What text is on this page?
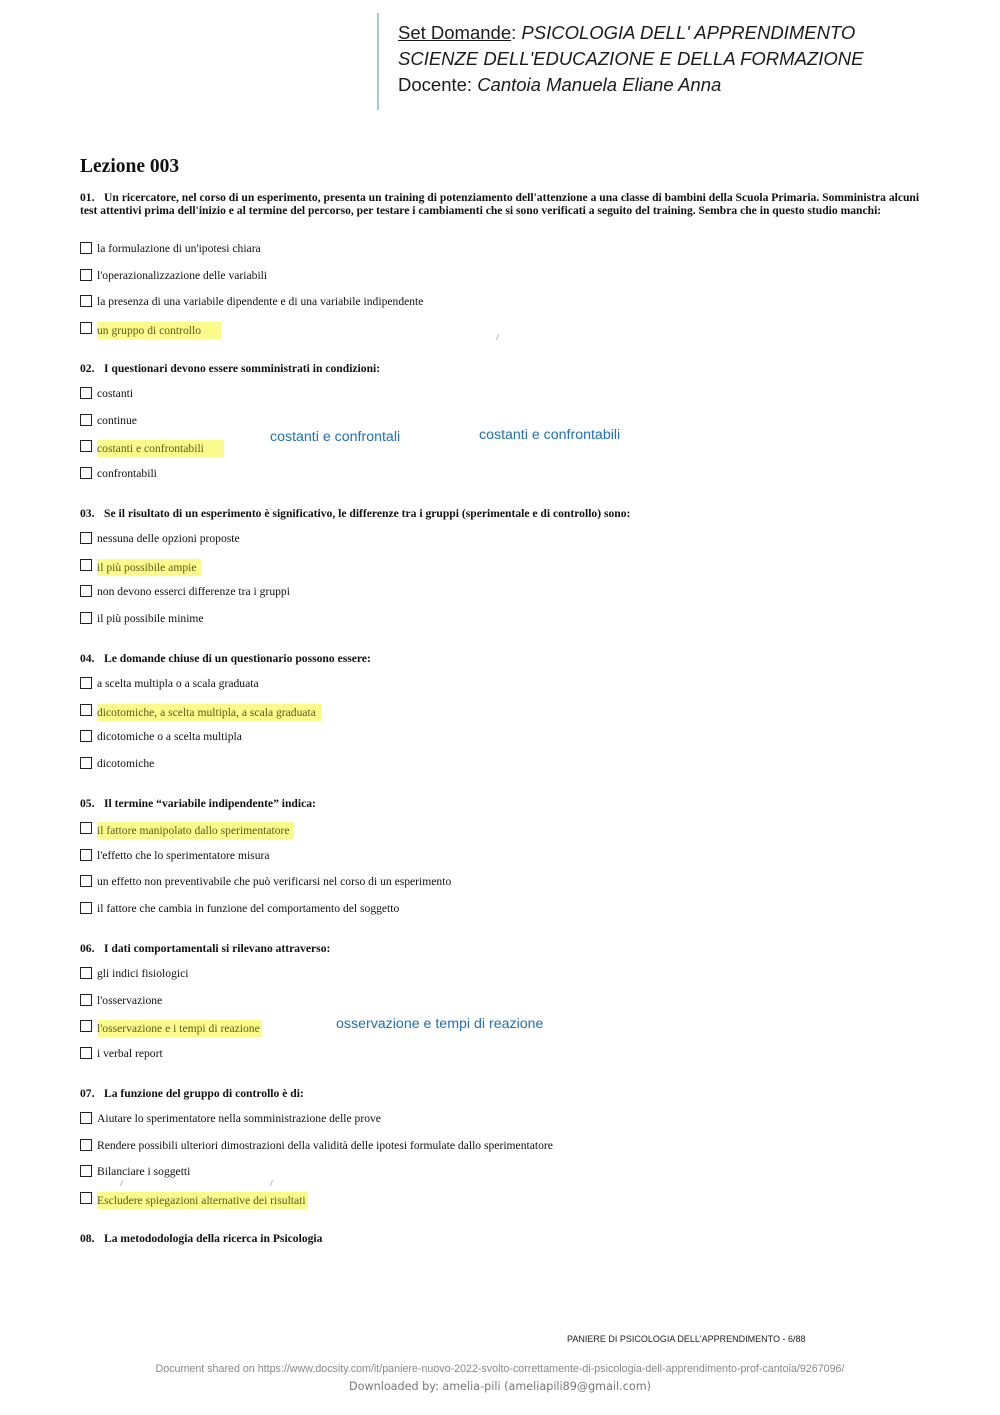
Set Domande: PSICOLOGIA DELL' APPRENDIMENTO
SCIENZE DELL'EDUCAZIONE E DELLA FORMAZIONE
Docente: Cantoia Manuela Eliane Anna
Lezione 003
01. Un ricercatore, nel corso di un esperimento, presenta un training di potenziamento dell'attenzione a una classe di bambini della Scuola Primaria. Somministra alcuni test attentivi prima dell'inizio e al termine del percorso, per testare i cambiamenti che si sono verificati a seguito del training. Sembra che in questo studio manchi:
la formulazione di un'ipotesi chiara
l'operazionalizzazione delle variabili
la presenza di una variabile dipendente e di una variabile indipendente
un gruppo di controllo
02. I questionari devono essere somministrati in condizioni:
costanti
continue
costanti e confrontabili
confrontabili
costanti e confrontali	costanti e confrontabili
03. Se il risultato di un esperimento è significativo, le differenze tra i gruppi (sperimentale e di controllo) sono:
nessuna delle opzioni proposte
il più possibile ampie
non devono esserci differenze tra i gruppi
il più possibile minime
04. Le domande chiuse di un questionario possono essere:
a scelta multipla o a scala graduata
dicotomiche, a scelta multipla, a scala graduata
dicotomiche o a scelta multipla
dicotomiche
05. Il termine “variabile indipendente” indica:
il fattore manipolato dallo sperimentatore
l'effetto che lo sperimentatore misura
un effetto non preventivabile che può verificarsi nel corso di un esperimento
il fattore che cambia in funzione del comportamento del soggetto
06. I dati comportamentali si rilevano attraverso:
gli indici fisiologici
l'osservazione
l'osservazione e i tempi di reazione
i verbal report
osservazione e tempi di reazione
07. La funzione del gruppo di controllo è di:
Aiutare lo sperimentatore nella somministrazione delle prove
Rendere possibili ulteriori dimostrazioni della validità delle ipotesi formulate dallo sperimentatore
Bilanciare i soggetti
Escludere spiegazioni alternative dei risultati
08. La metododologia della ricerca in Psicologia
PANIERE DI PSICOLOGIA DELL'APPRENDIMENTO - 6/88
Document shared on https://www.docsity.com/it/paniere-nuovo-2022-svolto-correttamente-di-psicologia-dell-apprendimento-prof-cantoia/9267096/
Downloaded by: amelia-pili (ameliapili89@gmail.com)
